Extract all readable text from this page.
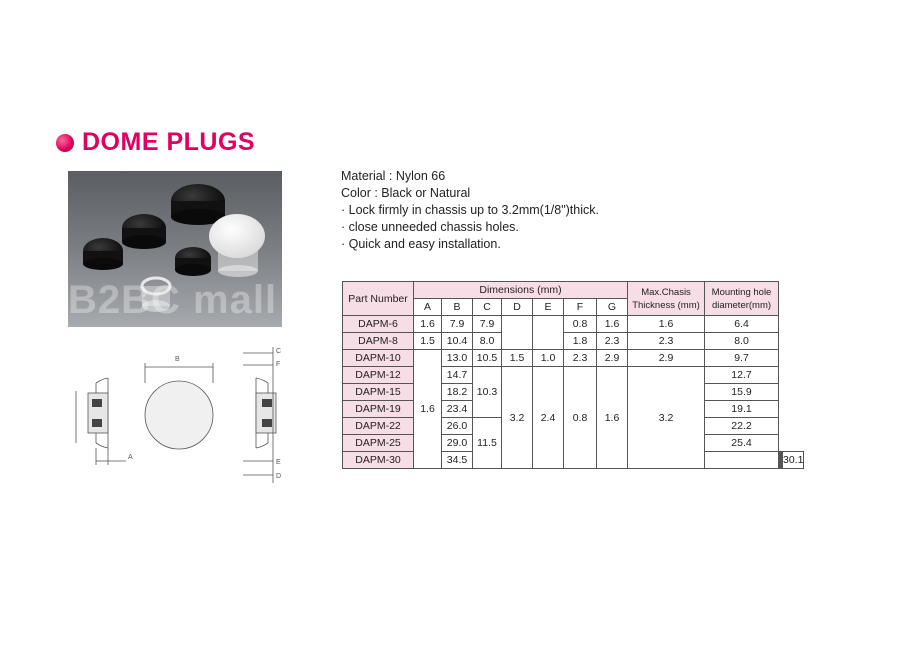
DOME PLUGS
B2BC mall
B
A
C
F
E
D
Material : Nylon 66
Color : Black or Natural
· Lock firmly in chassis up to 3.2mm(1/8")thick.
· close unneeded chassis holes.
· Quick and easy installation.
Part Number	Dimensions (mm)							Max.Chasis Thickness (mm)	Mounting hole diameter(mm)			
	A	B	C	D	E	F	G					
DAPM-6	1.6	7.9	7.9			0.8	1.6	1.6	6.4			
DAPM-8	1.5	10.4	8.0			1.8	2.3	2.3	8.0			
DAPM-10	1.6	13.0	10.5	1.5	1.0	2.3	2.9	2.9	9.7			
DAPM-12		14.7	10.3	3.2	2.4	0.8	1.6	3.2	12.7			
DAPM-15		18.2							15.9			
DAPM-19		23.4							19.1			
DAPM-22		26.0	11.5						22.2			
DAPM-25		29.0							25.4			
DAPM-30		34.5										30.1
